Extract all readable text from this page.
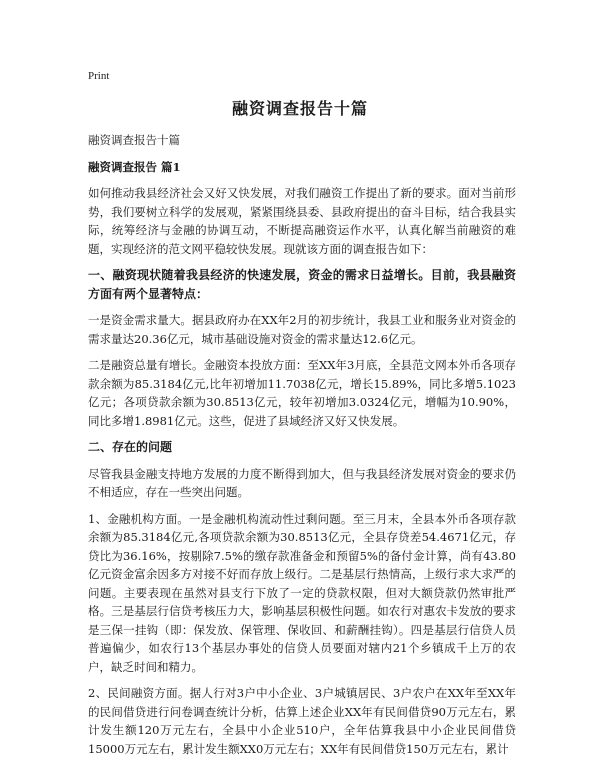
Print
融资调查报告十篇

融资调查报告十篇

融资调查报告 篇1

如何推动我县经济社会又好又快发展，对我们融资工作提出了新的要求。面对当前形势，我们要树立科学的发展观，紧紧围绕县委、县政府提出的奋斗目标，结合我县实际，统筹经济与金融的协调互动，不断提高融资运作水平，认真化解当前融资的难题，实现经济的范文网平稳较快发展。现就该方面的调查报告如下：

一、融资现状随着我县经济的快速发展，资金的需求日益增长。目前，我县融资方面有两个显著特点：

一是资金需求量大。据县政府办在XX年2月的初步统计，我县工业和服务业对资金的需求量达20.36亿元，城市基础设施对资金的需求量达12.6亿元。

二是融资总量有增长。金融资本投放方面：至XX年3月底，全县范文网本外币各项存款余额为85.3184亿元,比年初增加11.7038亿元，增长15.89%，同比多增5.1023亿元；各项贷款余额为30.8513亿元，较年初增加3.0324亿元，增幅为10.90%，同比多增1.8981亿元。这些，促进了县域经济又好又快发展。

二、存在的问题

尽管我县金融支持地方发展的力度不断得到加大，但与我县经济发展对资金的要求仍不相适应，存在一些突出问题。

1、金融机构方面。一是金融机构流动性过剩问题。至三月末，全县本外币各项存款余额为85.3184亿元,各项贷款余额为30.8513亿元，全县存贷差54.4671亿元，存贷比为36.16%，按剔除7.5%的缴存款准备金和预留5%的备付金计算，尚有43.80亿元资金富余因多方对接不好而存放上级行。二是基层行热情高，上级行求大求严的问题。主要表现在虽然对县支行下放了一定的贷款权限，但对大额贷款仍然审批严格。三是基层行信贷考核压力大，影响基层积极性问题。如农行对惠农卡发放的要求是三保一挂钩（即：保发放、保管理、保收回、和薪酬挂钩）。四是基层行信贷人员普遍偏少，如农行13个基层办事处的信贷人员要面对辖内21个乡镇成千上万的农户，缺乏时间和精力。

2、民间融资方面。据人行对3户中小企业、3户城镇居民、3户农户在XX年至XX年的民间借贷进行问卷调查统计分析，估算上述企业XX年有民间借贷90万元左右，累计发生额120万元左右，全县中小企业510户，全年估算我县中小企业民间借贷15000万元左右，累计发生额XX0万元左右；XX年有民间借贷150万元左右，累计
